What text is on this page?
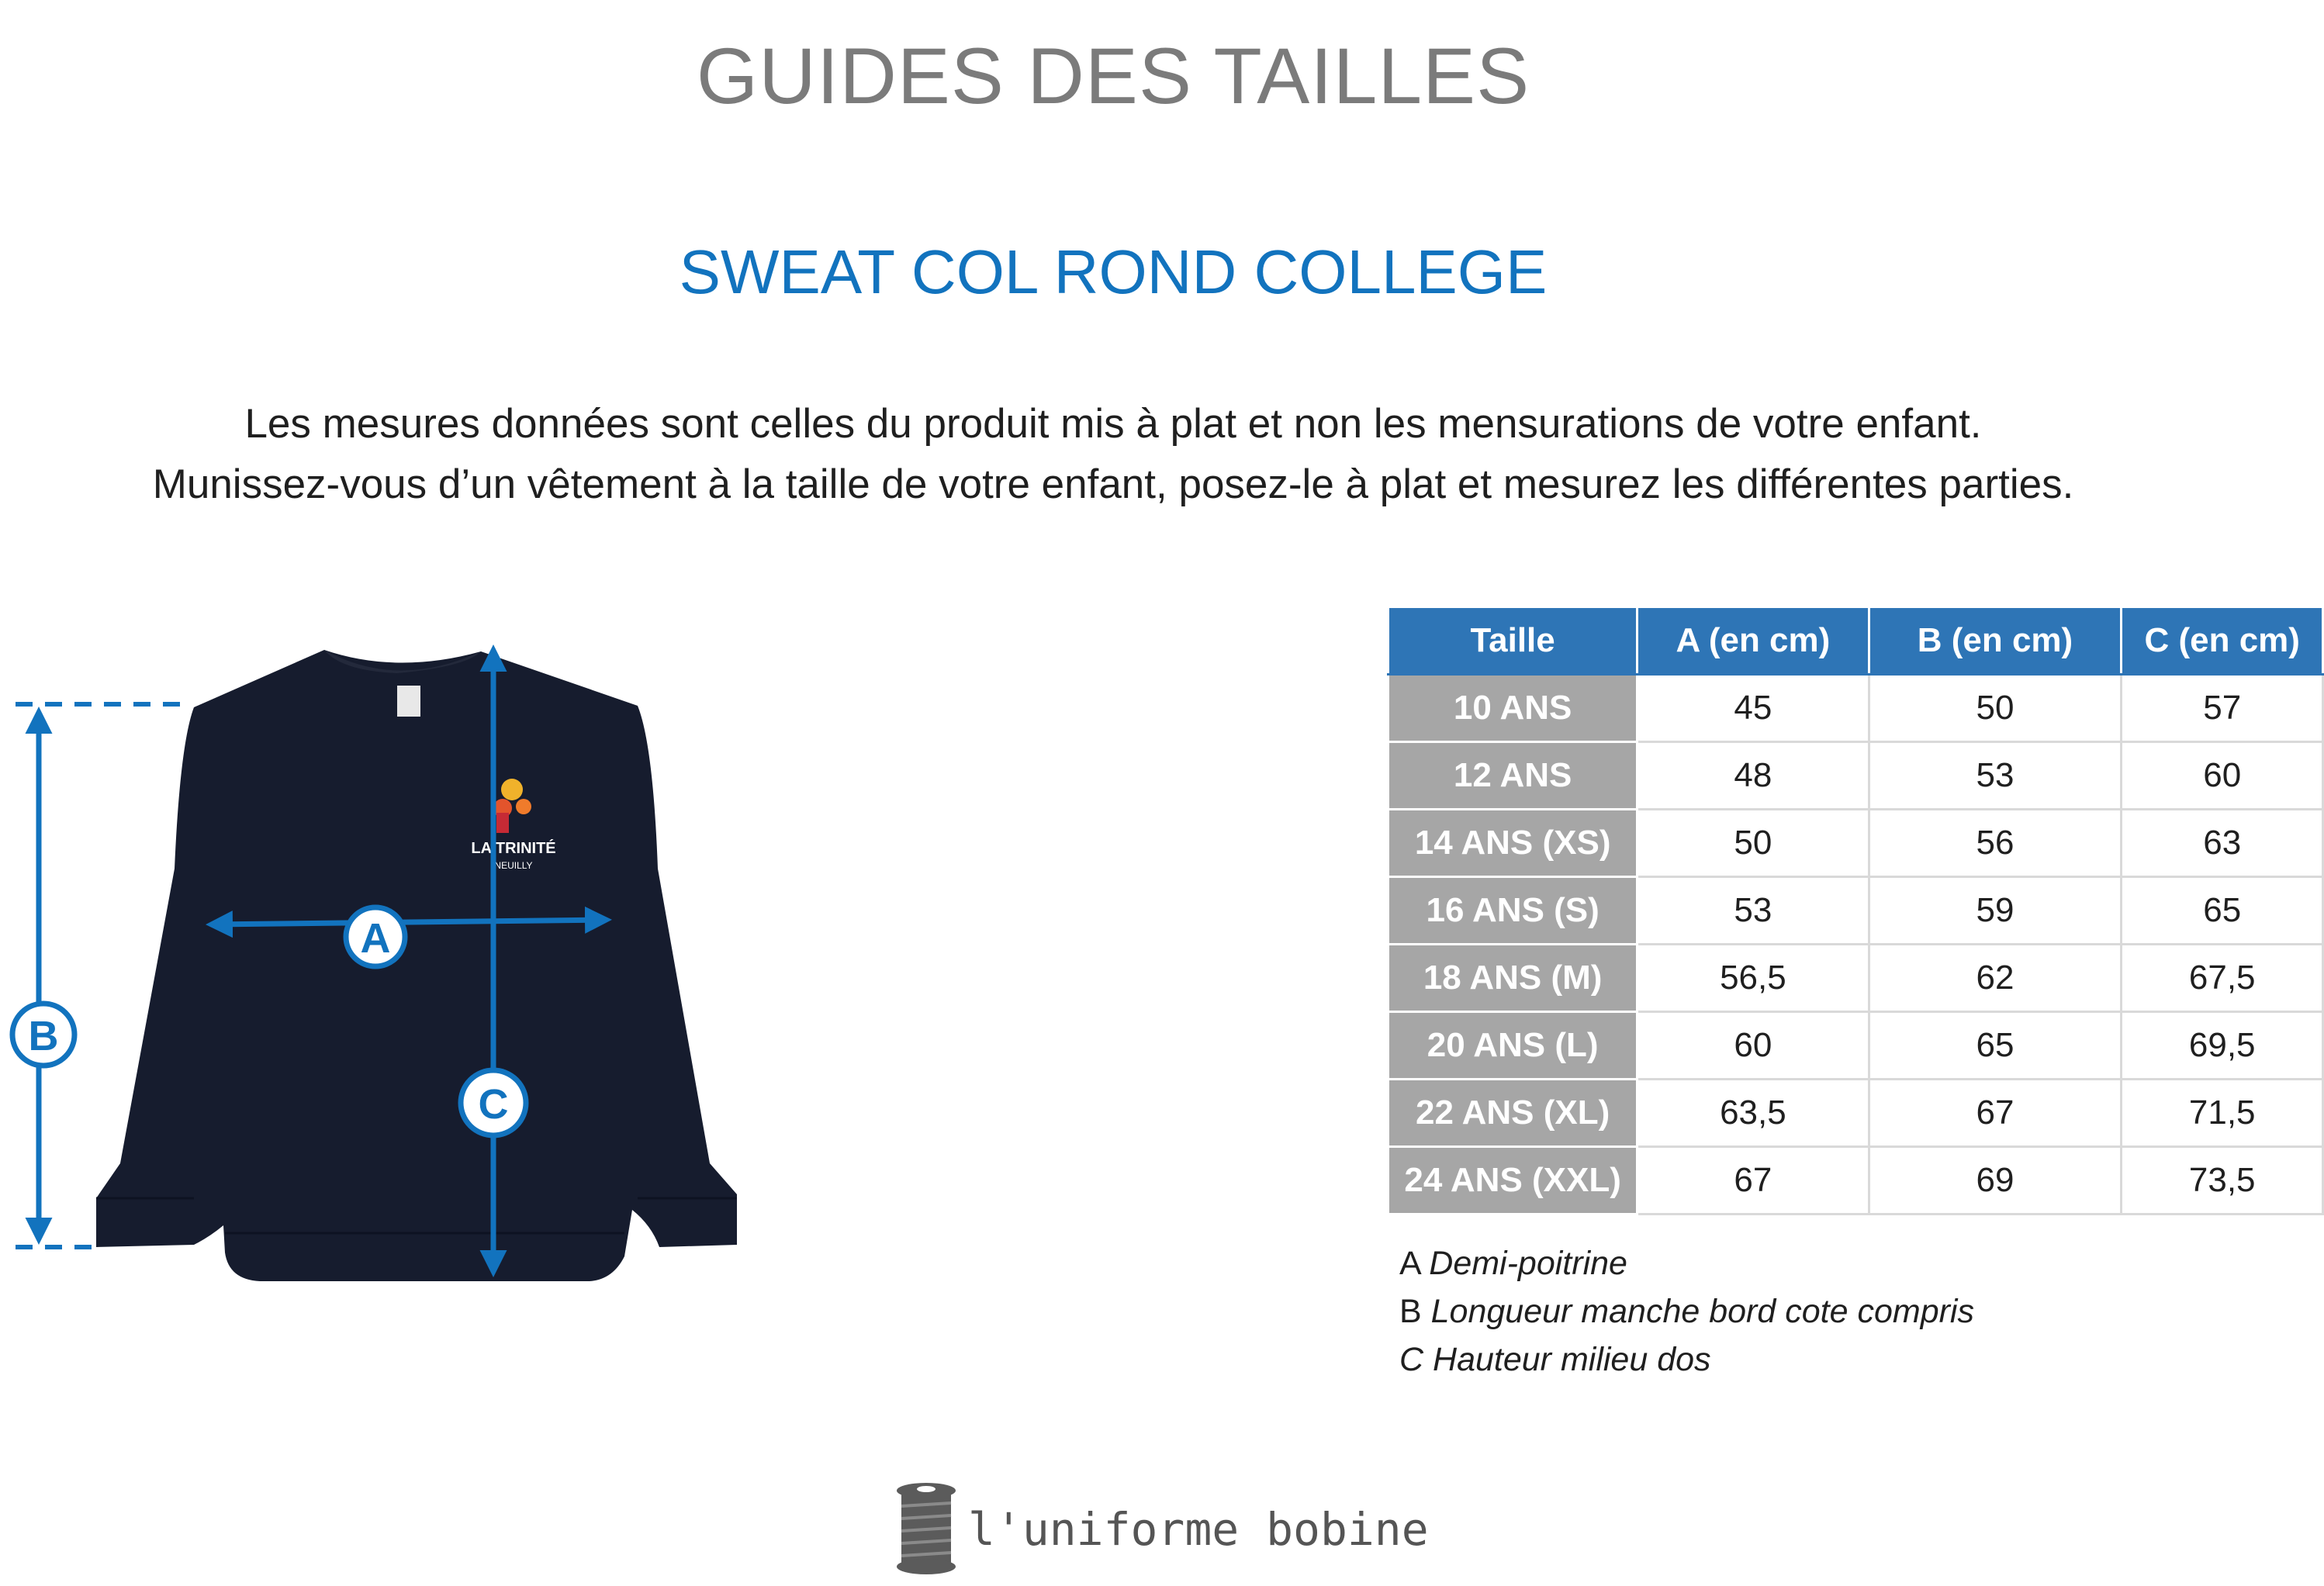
GUIDES DES TAILLES
SWEAT COL ROND COLLEGE
Les mesures données sont celles du produit mis à plat et non les mensurations de votre enfant.
Munissez-vous d’un vêtement à la taille de votre enfant, posez-le à plat et mesurez les différentes parties.
LA TRINITÉ
NEUILLY
A
B
C
Taille	A (en cm)	B (en cm)	C (en cm)
10 ANS	45	50	57
12 ANS	48	53	60
14 ANS (XS)	50	56	63
16 ANS (S)	53	59	65
18 ANS (M)	56,5	62	67,5
20 ANS (L)	60	65	69,5
22 ANS (XL)	63,5	67	71,5
24 ANS (XXL)	67	69	73,5
A Demi-poitrine
B Longueur manche bord cote compris
C Hauteur milieu dos
l'uniforme bobine
